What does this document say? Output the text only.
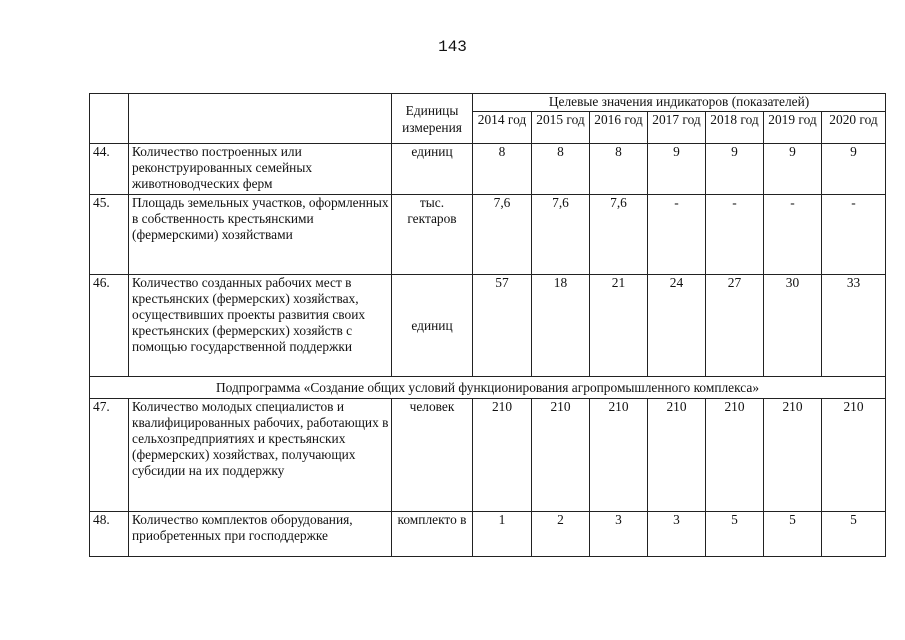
143
		Единицы измерения	Целевые значения индикаторов (показателей)						
			2014 год	2015 год	2016 год	2017 год	2018 год	2019 год	2020 год
44.	Количество построенных или реконструированных семейных животноводческих ферм	единиц	8	8	8	9	9	9	9
45.	Площадь земельных участков, оформленных в собственность крестьянскими (фермерскими) хозяйствами	тыс. гектаров	7,6	7,6	7,6	-	-	-	-
46.	Количество созданных рабочих мест в крестьянских (фермерских) хозяйствах, осуществивших проекты развития своих крестьянских (фермерских) хозяйств с помощью государственной поддержки	единиц	57	18	21	24	27	30	33
Подпрограмма «Создание общих условий функционирования агропромышленного комплекса»									
47.	Количество молодых специалистов и квалифицированных рабочих, работающих в сельхозпредприятиях и крестьянских (фермерских) хозяйствах, получающих субсидии на их поддержку	человек	210	210	210	210	210	210	210
48.	Количество комплектов оборудования, приобретенных при господдержке	комплекто в	1	2	3	3	5	5	5
